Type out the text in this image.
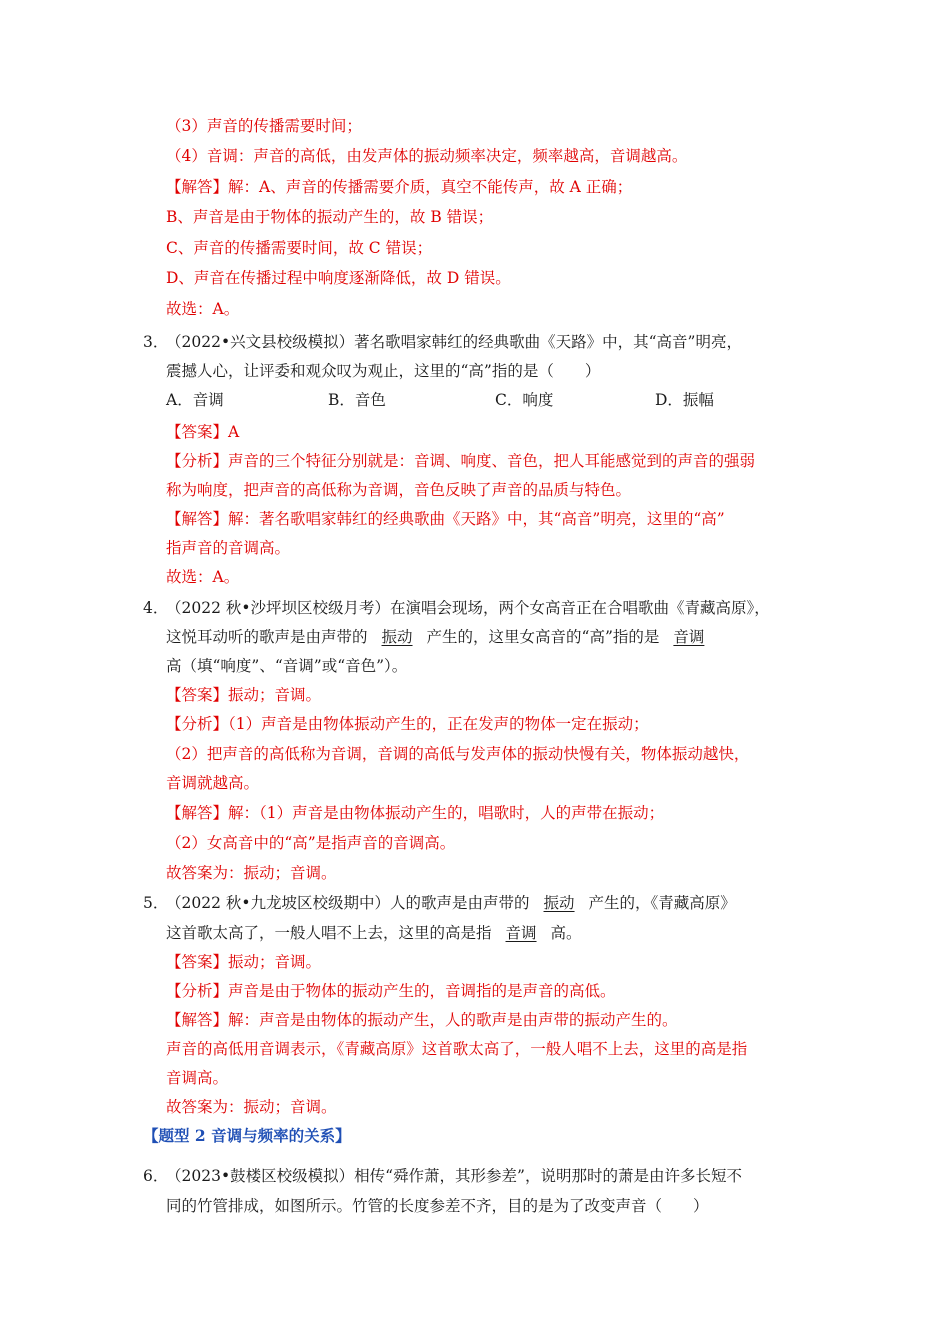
（3）声音的传播需要时间；
（4）音调：声音的高低，由发声体的振动频率决定，频率越高，音调越高。
【解答】解：A、声音的传播需要介质，真空不能传声，故 A 正确；
B、声音是由于物体的振动产生的，故 B 错误；
C、声音的传播需要时间，故 C 错误；
D、声音在传播过程中响度逐渐降低，故 D 错误。
故选：A。
3．
（2022•兴文县校级模拟）著名歌唱家韩红的经典歌曲《天路》中，其“高音”明亮，
震撼人心，让评委和观众叹为观止，这里的“高”指的是（　　）
A．音调	B．音色	C．响度	D．振幅
【答案】A
【分析】声音的三个特征分别就是：音调、响度、音色，把人耳能感觉到的声音的强弱
称为响度，把声音的高低称为音调，音色反映了声音的品质与特色。
【解答】解：著名歌唱家韩红的经典歌曲《天路》中，其“高音”明亮，这里的“高”
指声音的音调高。
故选：A。
4．
（2022 秋•沙坪坝区校级月考）在演唱会现场，两个女高音正在合唱歌曲《青藏高原》，
这悦耳动听的歌声是由声带的 振动 产生的，这里女高音的“高”指的是 音调
高（填“响度”、“音调”或“音色”）。
【答案】振动；音调。
【分析】（1）声音是由物体振动产生的，正在发声的物体一定在振动；
（2）把声音的高低称为音调，音调的高低与发声体的振动快慢有关，物体振动越快，
音调就越高。
【解答】解：（1）声音是由物体振动产生的，唱歌时，人的声带在振动；
（2）女高音中的“高”是指声音的音调高。
故答案为：振动；音调。
5．
（2022 秋•九龙坡区校级期中）人的歌声是由声带的 振动 产生的，《青藏高原》
这首歌太高了，一般人唱不上去，这里的高是指 音调 高。
【答案】振动；音调。
【分析】声音是由于物体的振动产生的，音调指的是声音的高低。
【解答】解：声音是由物体的振动产生，人的歌声是由声带的振动产生的。
声音的高低用音调表示，《青藏高原》这首歌太高了，一般人唱不上去，这里的高是指
音调高。
故答案为：振动；音调。
【题型 2 音调与频率的关系】
6．
（2023•鼓楼区校级模拟）相传“舜作萧，其形参差”，说明那时的萧是由许多长短不
同的竹管排成，如图所示。竹管的长度参差不齐，目的是为了改变声音（　　）
